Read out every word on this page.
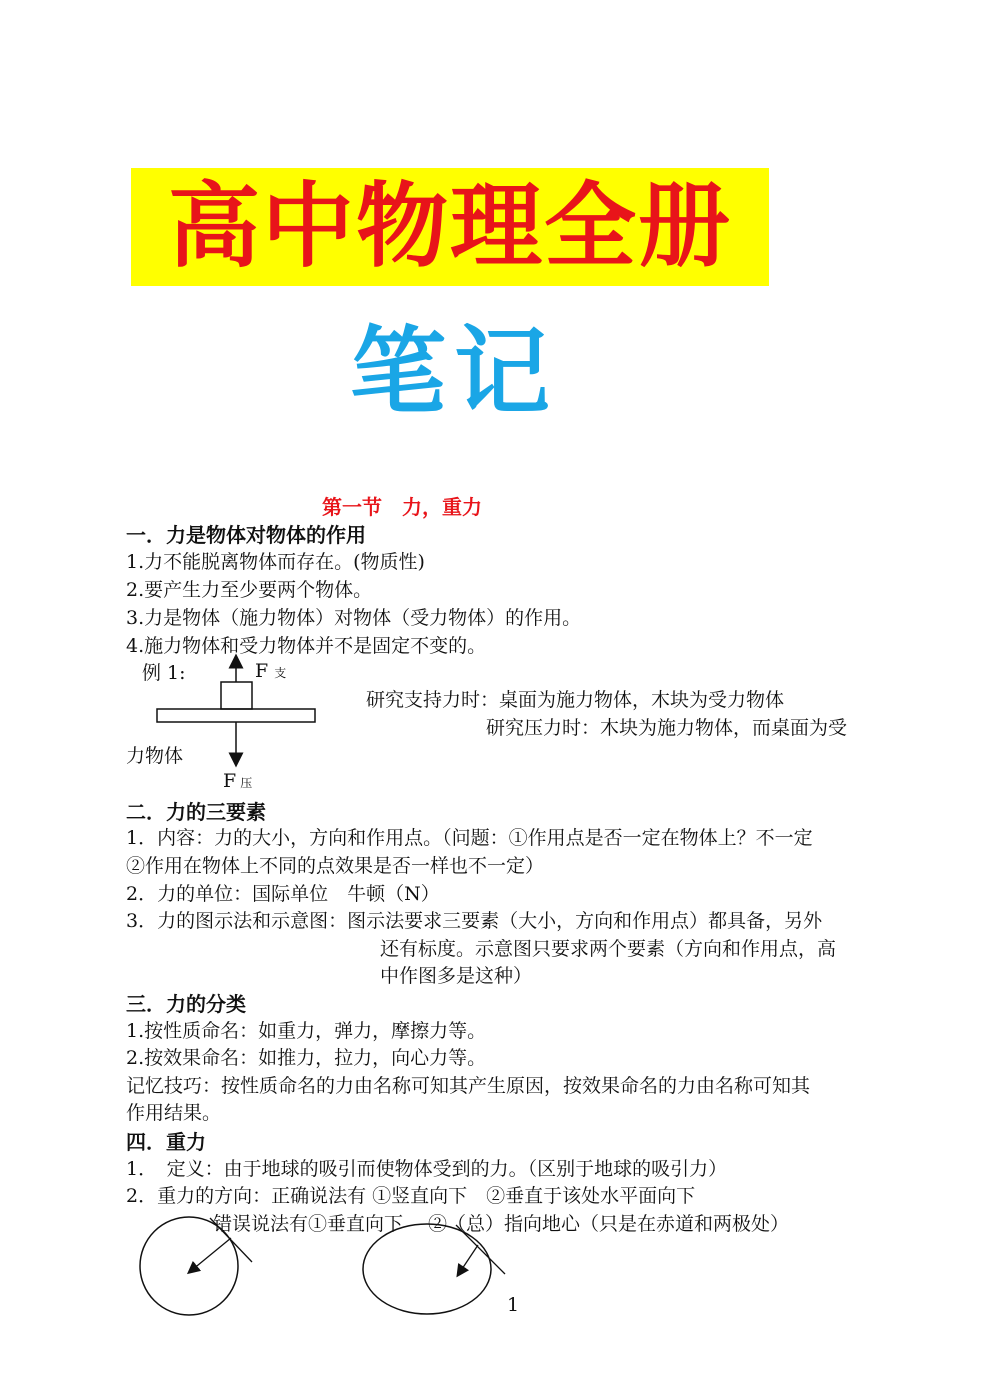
高中物理全册
笔记
第一节　力，重力
一．力是物体对物体的作用
1.力不能脱离物体而存在。(物质性)
2.要产生力至少要两个物体。
3.力是物体（施力物体）对物体（受力物体）的作用。
4.施力物体和受力物体并不是固定不变的。
例 1:	F支
F压
研究支持力时：桌面为施力物体，木块为受力物体
研究压力时：木块为施力物体，而桌面为受
力物体
二．力的三要素
1．内容：力的大小，方向和作用点。（问题：①作用点是否一定在物体上？不一定
②作用在物体上不同的点效果是否一样也不一定）
2．力的单位：国际单位　牛顿（N）
3．力的图示法和示意图：图示法要求三要素（大小，方向和作用点）都具备，另外
还有标度。示意图只要求两个要素（方向和作用点，高
中作图多是这种）
三．力的分类
1.按性质命名：如重力，弹力，摩擦力等。
2.按效果命名：如推力，拉力，向心力等。
记忆技巧：按性质命名的力由名称可知其产生原因，按效果命名的力由名称可知其
作用结果。
四．重力
1．　定义：由于地球的吸引而使物体受到的力。（区别于地球的吸引力）
2．重力的方向：正确说法有 ①竖直向下　②垂直于该处水平面向下
错误说法有①垂直向下　 ②（总）指向地心（只是在赤道和两极处）
1
